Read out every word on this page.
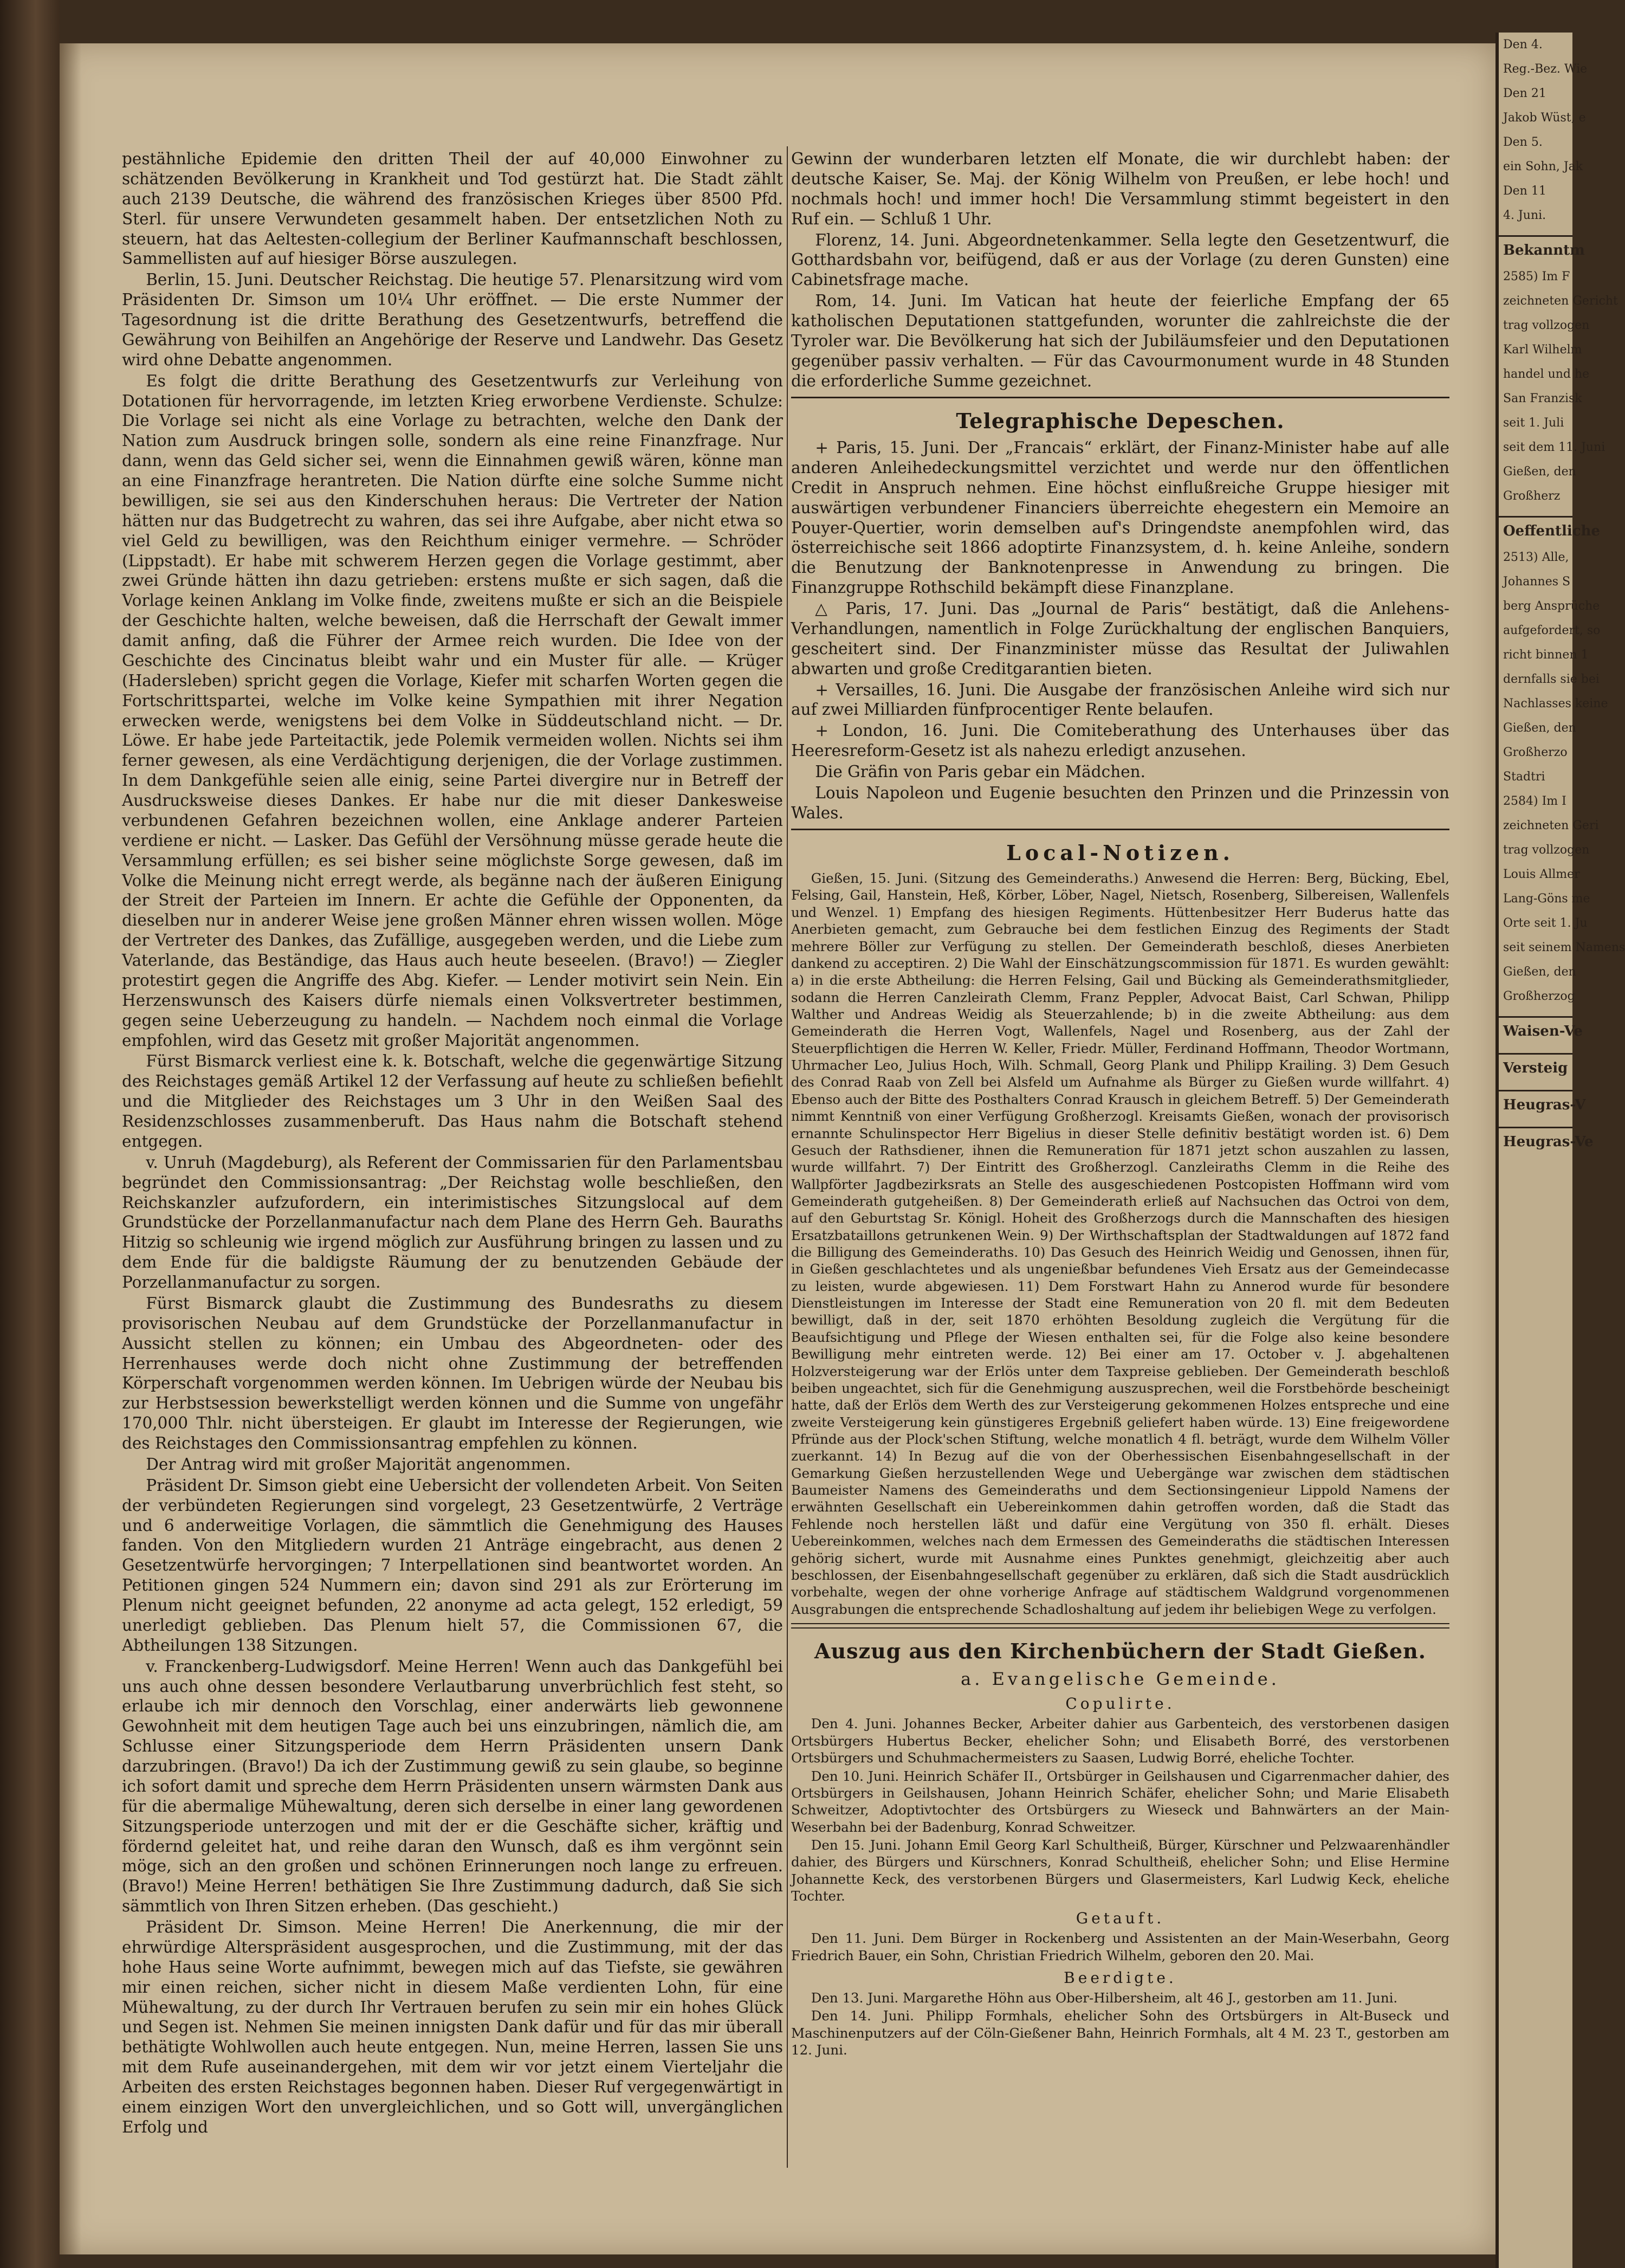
pestähnliche Epidemie den dritten Theil der auf 40,000 Einwohner zu schätzenden Bevölkerung in Krankheit und Tod gestürzt hat. Die Stadt zählt auch 2139 Deutsche, die während des französischen Krieges über 8500 Pfd. Sterl. für unsere Verwundeten gesammelt haben. Der entsetzlichen Noth zu steuern, hat das Aeltesten-collegium der Berliner Kaufmannschaft beschlossen, Sammellisten auf auf hiesiger Börse auszulegen.

Berlin, 15. Juni. Deutscher Reichstag. Die heutige 57. Plenarsitzung wird vom Präsidenten Dr. Simson um 10¼ Uhr eröffnet. — Die erste Nummer der Tagesordnung ist die dritte Berathung des Gesetzentwurfs, betreffend die Gewährung von Beihilfen an Angehörige der Reserve und Landwehr. Das Gesetz wird ohne Debatte angenommen.

Es folgt die dritte Berathung des Gesetzentwurfs zur Verleihung von Dotationen für hervorragende, im letzten Krieg erworbene Verdienste. Schulze: Die Vorlage sei nicht als eine Vorlage zu betrachten, welche den Dank der Nation zum Ausdruck bringen solle, sondern als eine reine Finanzfrage. Nur dann, wenn das Geld sicher sei, wenn die Einnahmen gewiß wären, könne man an eine Finanzfrage herantreten. Die Nation dürfte eine solche Summe nicht bewilligen, sie sei aus den Kinderschuhen heraus: Die Vertreter der Nation hätten nur das Budgetrecht zu wahren, das sei ihre Aufgabe, aber nicht etwa so viel Geld zu bewilligen, was den Reichthum einiger vermehre. — Schröder (Lippstadt). Er habe mit schwerem Herzen gegen die Vorlage gestimmt, aber zwei Gründe hätten ihn dazu getrieben: erstens mußte er sich sagen, daß die Vorlage keinen Anklang im Volke finde, zweitens mußte er sich an die Beispiele der Geschichte halten, welche beweisen, daß die Herrschaft der Gewalt immer damit anfing, daß die Führer der Armee reich wurden. Die Idee von der Geschichte des Cincinatus bleibt wahr und ein Muster für alle. — Krüger (Hadersleben) spricht gegen die Vorlage, Kiefer mit scharfen Worten gegen die Fortschrittspartei, welche im Volke keine Sympathien mit ihrer Negation erwecken werde, wenigstens bei dem Volke in Süddeutschland nicht. — Dr. Löwe. Er habe jede Parteitactik, jede Polemik vermeiden wollen. Nichts sei ihm ferner gewesen, als eine Verdächtigung derjenigen, die der Vorlage zustimmen. In dem Dankgefühle seien alle einig, seine Partei divergire nur in Betreff der Ausdrucksweise dieses Dankes. Er habe nur die mit dieser Dankesweise verbundenen Gefahren bezeichnen wollen, eine Anklage anderer Parteien verdiene er nicht. — Lasker. Das Gefühl der Versöhnung müsse gerade heute die Versammlung erfüllen; es sei bisher seine möglichste Sorge gewesen, daß im Volke die Meinung nicht erregt werde, als begänne nach der äußeren Einigung der Streit der Parteien im Innern. Er achte die Gefühle der Opponenten, da dieselben nur in anderer Weise jene großen Männer ehren wissen wollen. Möge der Vertreter des Dankes, das Zufällige, ausgegeben werden, und die Liebe zum Vaterlande, das Beständige, das Haus auch heute beseelen. (Bravo!) — Ziegler protestirt gegen die Angriffe des Abg. Kiefer. — Lender motivirt sein Nein. Ein Herzenswunsch des Kaisers dürfe niemals einen Volksvertreter bestimmen, gegen seine Ueberzeugung zu handeln. — Nachdem noch einmal die Vorlage empfohlen, wird das Gesetz mit großer Majorität angenommen.

Fürst Bismarck verliest eine k. k. Botschaft, welche die gegenwärtige Sitzung des Reichstages gemäß Artikel 12 der Verfassung auf heute zu schließen befiehlt und die Mitglieder des Reichstages um 3 Uhr in den Weißen Saal des Residenzschlosses zusammenberuft. Das Haus nahm die Botschaft stehend entgegen.

v. Unruh (Magdeburg), als Referent der Commissarien für den Parlamentsbau begründet den Commissionsantrag: „Der Reichstag wolle beschließen, den Reichskanzler aufzufordern, ein interimistisches Sitzungslocal auf dem Grundstücke der Porzellanmanufactur nach dem Plane des Herrn Geh. Bauraths Hitzig so schleunig wie irgend möglich zur Ausführung bringen zu lassen und zu dem Ende für die baldigste Räumung der zu benutzenden Gebäude der Porzellanmanufactur zu sorgen.

Fürst Bismarck glaubt die Zustimmung des Bundesraths zu diesem provisorischen Neubau auf dem Grundstücke der Porzellanmanufactur in Aussicht stellen zu können; ein Umbau des Abgeordneten- oder des Herrenhauses werde doch nicht ohne Zustimmung der betreffenden Körperschaft vorgenommen werden können. Im Uebrigen würde der Neubau bis zur Herbstsession bewerkstelligt werden können und die Summe von ungefähr 170,000 Thlr. nicht übersteigen. Er glaubt im Interesse der Regierungen, wie des Reichstages den Commissionsantrag empfehlen zu können.

Der Antrag wird mit großer Majorität angenommen.

Präsident Dr. Simson giebt eine Uebersicht der vollendeten Arbeit. Von Seiten der verbündeten Regierungen sind vorgelegt, 23 Gesetzentwürfe, 2 Verträge und 6 anderweitige Vorlagen, die sämmtlich die Genehmigung des Hauses fanden. Von den Mitgliedern wurden 21 Anträge eingebracht, aus denen 2 Gesetzentwürfe hervorgingen; 7 Interpellationen sind beantwortet worden. An Petitionen gingen 524 Nummern ein; davon sind 291 als zur Erörterung im Plenum nicht geeignet befunden, 22 anonyme ad acta gelegt, 152 erledigt, 59 unerledigt geblieben. Das Plenum hielt 57, die Commissionen 67, die Abtheilungen 138 Sitzungen.

v. Franckenberg-Ludwigsdorf. Meine Herren! Wenn auch das Dankgefühl bei uns auch ohne dessen besondere Verlautbarung unverbrüchlich fest steht, so erlaube ich mir dennoch den Vorschlag, einer anderwärts lieb gewonnene Gewohnheit mit dem heutigen Tage auch bei uns einzubringen, nämlich die, am Schlusse einer Sitzungsperiode dem Herrn Präsidenten unsern Dank darzubringen. (Bravo!) Da ich der Zustimmung gewiß zu sein glaube, so beginne ich sofort damit und spreche dem Herrn Präsidenten unsern wärmsten Dank aus für die abermalige Mühewaltung, deren sich derselbe in einer lang gewordenen Sitzungsperiode unterzogen und mit der er die Geschäfte sicher, kräftig und fördernd geleitet hat, und reihe daran den Wunsch, daß es ihm vergönnt sein möge, sich an den großen und schönen Erinnerungen noch lange zu erfreuen. (Bravo!) Meine Herren! bethätigen Sie Ihre Zustimmung dadurch, daß Sie sich sämmtlich von Ihren Sitzen erheben. (Das geschieht.)

Präsident Dr. Simson. Meine Herren! Die Anerkennung, die mir der ehrwürdige Alterspräsident ausgesprochen, und die Zustimmung, mit der das hohe Haus seine Worte aufnimmt, bewegen mich auf das Tiefste, sie gewähren mir einen reichen, sicher nicht in diesem Maße verdienten Lohn, für eine Mühewaltung, zu der durch Ihr Vertrauen berufen zu sein mir ein hohes Glück und Segen ist. Nehmen Sie meinen innigsten Dank dafür und für das mir überall bethätigte Wohlwollen auch heute entgegen. Nun, meine Herren, lassen Sie uns mit dem Rufe auseinandergehen, mit dem wir vor jetzt einem Vierteljahr die Arbeiten des ersten Reichstages begonnen haben. Dieser Ruf vergegenwärtigt in einem einzigen Wort den unvergleichlichen, und so Gott will, unvergänglichen Erfolg und

Gewinn der wunderbaren letzten elf Monate, die wir durchlebt haben: der deutsche Kaiser, Se. Maj. der König Wilhelm von Preußen, er lebe hoch! und nochmals hoch! und immer hoch! Die Versammlung stimmt begeistert in den Ruf ein. — Schluß 1 Uhr.

Florenz, 14. Juni. Abgeordnetenkammer. Sella legte den Gesetzentwurf, die Gotthardsbahn vor, beifügend, daß er aus der Vorlage (zu deren Gunsten) eine Cabinetsfrage mache.

Rom, 14. Juni. Im Vatican hat heute der feierliche Empfang der 65 katholischen Deputationen stattgefunden, worunter die zahlreichste die der Tyroler war. Die Bevölkerung hat sich der Jubiläumsfeier und den Deputationen gegenüber passiv verhalten. — Für das Cavourmonument wurde in 48 Stunden die erforderliche Summe gezeichnet.

Telegraphische Depeschen.

+ Paris, 15. Juni. Der „Francais“ erklärt, der Finanz-Minister habe auf alle anderen Anleihedeckungsmittel verzichtet und werde nur den öffentlichen Credit in Anspruch nehmen. Eine höchst einflußreiche Gruppe hiesiger mit auswärtigen verbundener Financiers überreichte ehegestern ein Memoire an Pouyer-Quertier, worin demselben auf's Dringendste anempfohlen wird, das österreichische seit 1866 adoptirte Finanzsystem, d. h. keine Anleihe, sondern die Benutzung der Banknotenpresse in Anwendung zu bringen. Die Finanzgruppe Rothschild bekämpft diese Finanzplane.

△ Paris, 17. Juni. Das „Journal de Paris“ bestätigt, daß die Anlehens-Verhandlungen, namentlich in Folge Zurückhaltung der englischen Banquiers, gescheitert sind. Der Finanzminister müsse das Resultat der Juliwahlen abwarten und große Creditgarantien bieten.

+ Versailles, 16. Juni. Die Ausgabe der französischen Anleihe wird sich nur auf zwei Milliarden fünfprocentiger Rente belaufen.

+ London, 16. Juni. Die Comiteberathung des Unterhauses über das Heeresreform-Gesetz ist als nahezu erledigt anzusehen.

Die Gräfin von Paris gebar ein Mädchen.

Louis Napoleon und Eugenie besuchten den Prinzen und die Prinzessin von Wales.

Local-Notizen.

Gießen, 15. Juni. (Sitzung des Gemeinderaths.) Anwesend die Herren: Berg, Bücking, Ebel, Felsing, Gail, Hanstein, Heß, Körber, Löber, Nagel, Nietsch, Rosenberg, Silbereisen, Wallenfels und Wenzel. 1) Empfang des hiesigen Regiments. Hüttenbesitzer Herr Buderus hatte das Anerbieten gemacht, zum Gebrauche bei dem festlichen Einzug des Regiments der Stadt mehrere Böller zur Verfügung zu stellen. Der Gemeinderath beschloß, dieses Anerbieten dankend zu acceptiren. 2) Die Wahl der Einschätzungscommission für 1871. Es wurden gewählt: a) in die erste Abtheilung: die Herren Felsing, Gail und Bücking als Gemeinderathsmitglieder, sodann die Herren Canzleirath Clemm, Franz Peppler, Advocat Baist, Carl Schwan, Philipp Walther und Andreas Weidig als Steuerzahlende; b) in die zweite Abtheilung: aus dem Gemeinderath die Herren Vogt, Wallenfels, Nagel und Rosenberg, aus der Zahl der Steuerpflichtigen die Herren W. Keller, Friedr. Müller, Ferdinand Hoffmann, Theodor Wortmann, Uhrmacher Leo, Julius Hoch, Wilh. Schmall, Georg Plank und Philipp Krailing. 3) Dem Gesuch des Conrad Raab von Zell bei Alsfeld um Aufnahme als Bürger zu Gießen wurde willfahrt. 4) Ebenso auch der Bitte des Posthalters Conrad Krausch in gleichem Betreff. 5) Der Gemeinderath nimmt Kenntniß von einer Verfügung Großherzogl. Kreisamts Gießen, wonach der provisorisch ernannte Schulinspector Herr Bigelius in dieser Stelle definitiv bestätigt worden ist. 6) Dem Gesuch der Rathsdiener, ihnen die Remuneration für 1871 jetzt schon auszahlen zu lassen, wurde willfahrt. 7) Der Eintritt des Großherzogl. Canzleiraths Clemm in die Reihe des Wallpförter Jagdbezirksrats an Stelle des ausgeschiedenen Postcopisten Hoffmann wird vom Gemeinderath gutgeheißen. 8) Der Gemeinderath erließ auf Nachsuchen das Octroi von dem, auf den Geburtstag Sr. Königl. Hoheit des Großherzogs durch die Mannschaften des hiesigen Ersatzbataillons getrunkenen Wein. 9) Der Wirthschaftsplan der Stadtwaldungen auf 1872 fand die Billigung des Gemeinderaths. 10) Das Gesuch des Heinrich Weidig und Genossen, ihnen für, in Gießen geschlachtetes und als ungenießbar befundenes Vieh Ersatz aus der Gemeindecasse zu leisten, wurde abgewiesen. 11) Dem Forstwart Hahn zu Annerod wurde für besondere Dienstleistungen im Interesse der Stadt eine Remuneration von 20 fl. mit dem Bedeuten bewilligt, daß in der, seit 1870 erhöhten Besoldung zugleich die Vergütung für die Beaufsichtigung und Pflege der Wiesen enthalten sei, für die Folge also keine besondere Bewilligung mehr eintreten werde. 12) Bei einer am 17. October v. J. abgehaltenen Holzversteigerung war der Erlös unter dem Taxpreise geblieben. Der Gemeinderath beschloß beiben ungeachtet, sich für die Genehmigung auszusprechen, weil die Forstbehörde bescheinigt hatte, daß der Erlös dem Werth des zur Versteigerung gekommenen Holzes entspreche und eine zweite Versteigerung kein günstigeres Ergebniß geliefert haben würde. 13) Eine freigewordene Pfründe aus der Plock'schen Stiftung, welche monatlich 4 fl. beträgt, wurde dem Wilhelm Völler zuerkannt. 14) In Bezug auf die von der Oberhessischen Eisenbahngesellschaft in der Gemarkung Gießen herzustellenden Wege und Uebergänge war zwischen dem städtischen Baumeister Namens des Gemeinderaths und dem Sectionsingenieur Lippold Namens der erwähnten Gesellschaft ein Uebereinkommen dahin getroffen worden, daß die Stadt das Fehlende noch herstellen läßt und dafür eine Vergütung von 350 fl. erhält. Dieses Uebereinkommen, welches nach dem Ermessen des Gemeinderaths die städtischen Interessen gehörig sichert, wurde mit Ausnahme eines Punktes genehmigt, gleichzeitig aber auch beschlossen, der Eisenbahngesellschaft gegenüber zu erklären, daß sich die Stadt ausdrücklich vorbehalte, wegen der ohne vorherige Anfrage auf städtischem Waldgrund vorgenommenen Ausgrabungen die entsprechende Schadloshaltung auf jedem ihr beliebigen Wege zu verfolgen.

Auszug aus den Kirchenbüchern der Stadt Gießen.
a. Evangelische Gemeinde.
Copulirte.

Den 4. Juni. Johannes Becker, Arbeiter dahier aus Garbenteich, des verstorbenen dasigen Ortsbürgers Hubertus Becker, ehelicher Sohn; und Elisabeth Borré, des verstorbenen Ortsbürgers und Schuhmachermeisters zu Saasen, Ludwig Borré, eheliche Tochter.

Den 10. Juni. Heinrich Schäfer II., Ortsbürger in Geilshausen und Cigarrenmacher dahier, des Ortsbürgers in Geilshausen, Johann Heinrich Schäfer, ehelicher Sohn; und Marie Elisabeth Schweitzer, Adoptivtochter des Ortsbürgers zu Wieseck und Bahnwärters an der Main-Weserbahn bei der Badenburg, Konrad Schweitzer.

Den 15. Juni. Johann Emil Georg Karl Schultheiß, Bürger, Kürschner und Pelzwaarenhändler dahier, des Bürgers und Kürschners, Konrad Schultheiß, ehelicher Sohn; und Elise Hermine Johannette Keck, des verstorbenen Bürgers und Glasermeisters, Karl Ludwig Keck, eheliche Tochter.

Getauft.

Den 11. Juni. Dem Bürger in Rockenberg und Assistenten an der Main-Weserbahn, Georg Friedrich Bauer, ein Sohn, Christian Friedrich Wilhelm, geboren den 20. Mai.

Beerdigte.

Den 13. Juni. Margarethe Höhn aus Ober-Hilbersheim, alt 46 J., gestorben am 11. Juni.

Den 14. Juni. Philipp Formhals, ehelicher Sohn des Ortsbürgers in Alt-Buseck und Maschinenputzers auf der Cöln-Gießener Bahn, Heinrich Formhals, alt 4 M. 23 T., gestorben am 12. Juni.

Den 4.
Reg.-Bez. Wie
Den 21
Jakob Wüst, e
Den 5.
ein Sohn, Jak
Den 11
4. Juni.
Bekanntm
2585) Im F
zeichneten Gericht
trag vollzogen
Karl Wilhelm
handel und he
San Franzisk
seit 1. Juli
seit dem 11. Juni
Gießen, den
Großherz
Oeffentliche
2513) Alle,
Johannes S
berg Ansprüche
aufgefordert, so
richt binnen 1
dernfalls sie bei
Nachlasses keine
Gießen, den
Großherzo
Stadtri
2584) Im I
zeichneten Geri
trag vollzogen
Louis Allmer
Lang-Göns me
Orte seit 1. Ju
seit seinem Namens
Gießen, den
Großherzog
Waisen-Ve
Versteig
Heugras-V
Heugras-Ve
